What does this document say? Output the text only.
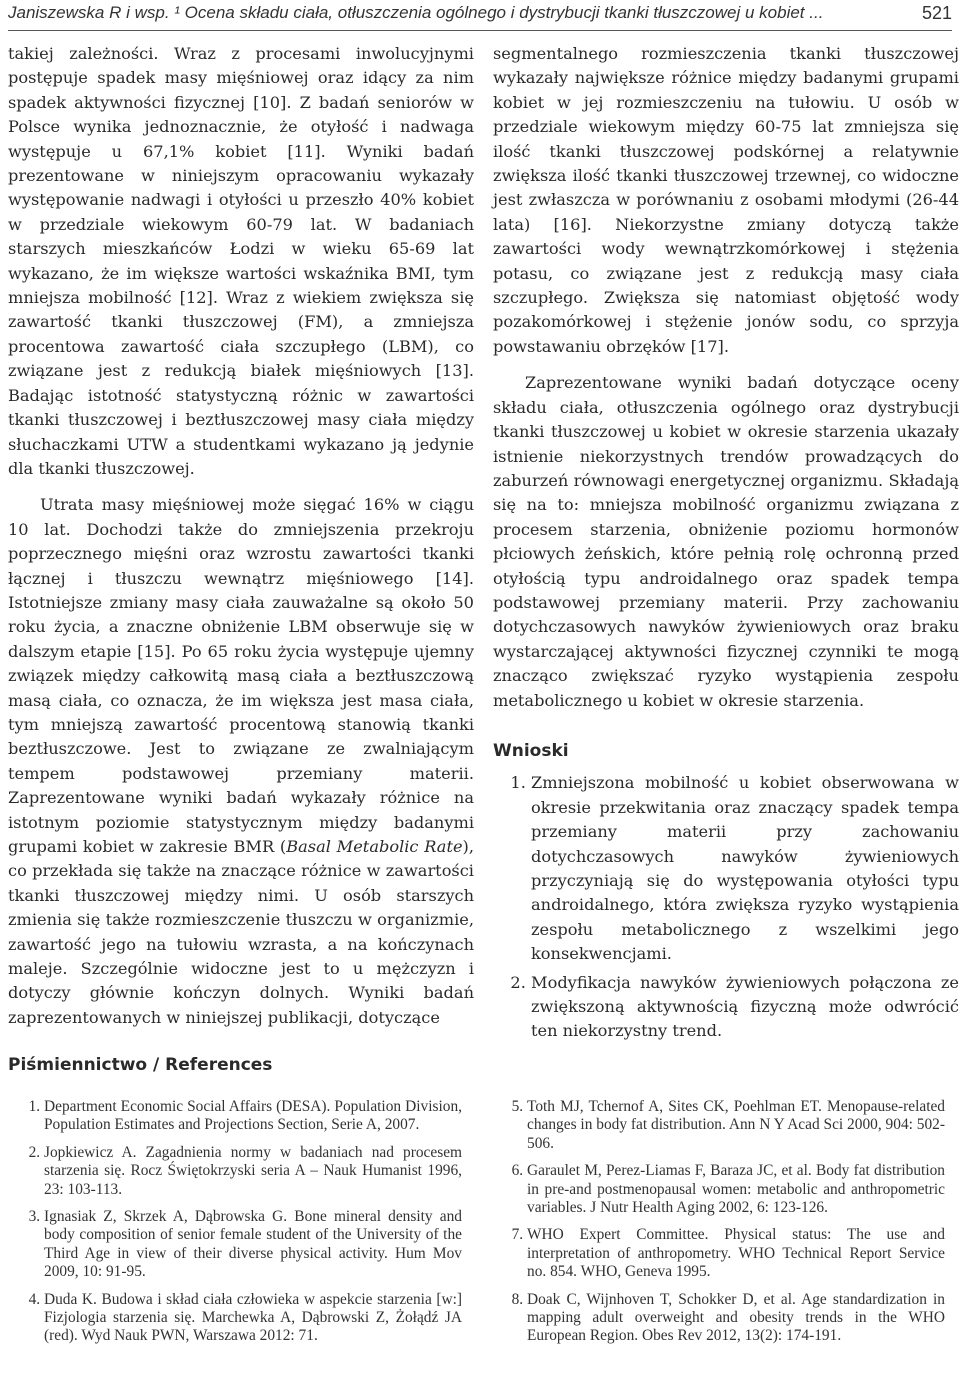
Janiszewska R i wsp. ¹ Ocena składu ciała, otłuszczenia ogólnego i dystrybucji tkanki tłuszczowej u kobiet ...	521

takiej zależności. Wraz z procesami inwolucyjnymi postępuje spadek masy mięśniowej oraz idący za nim spadek aktywności fizycznej [10]. Z badań seniorów w Polsce wynika jednoznacznie, że otyłość i nadwaga występuje u 67,1% kobiet [11]. Wyniki badań prezentowane w niniejszym opracowaniu wykazały występowanie nadwagi i otyłości u przeszło 40% kobiet w przedziale wiekowym 60-79 lat. W badaniach starszych mieszkańców Łodzi w wieku 65-69 lat wykazano, że im większe wartości wskaźnika BMI, tym mniejsza mobilność [12]. Wraz z wiekiem zwiększa się zawartość tkanki tłuszczowej (FM), a zmniejsza procentowa zawartość ciała szczupłego (LBM), co związane jest z redukcją białek mięśniowych [13]. Badając istotność statystyczną różnic w zawartości tkanki tłuszczowej i beztłuszczowej masy ciała między słuchaczkami UTW a studentkami wykazano ją jedynie dla tkanki tłuszczowej.

Utrata masy mięśniowej może sięgać 16% w ciągu 10 lat. Dochodzi także do zmniejszenia przekroju poprzecznego mięśni oraz wzrostu zawartości tkanki łącznej i tłuszczu wewnątrz mięśniowego [14]. Istotniejsze zmiany masy ciała zauważalne są około 50 roku życia, a znaczne obniżenie LBM obserwuje się w dalszym etapie [15]. Po 65 roku życia występuje ujemny związek między całkowitą masą ciała a beztłuszczową masą ciała, co oznacza, że im większa jest masa ciała, tym mniejszą zawartość procentową stanowią tkanki beztłuszczowe. Jest to związane ze zwalniającym tempem podstawowej przemiany materii. Zaprezentowane wyniki badań wykazały różnice na istotnym poziomie statystycznym między badanymi grupami kobiet w zakresie BMR (Basal Metabolic Rate), co przekłada się także na znaczące różnice w zawartości tkanki tłuszczowej między nimi. U osób starszych zmienia się także rozmieszczenie tłuszczu w organizmie, zawartość jego na tułowiu wzrasta, a na kończynach maleje. Szczególnie widoczne jest to u mężczyzn i dotyczy głównie kończyn dolnych. Wyniki badań zaprezentowanych w niniejszej publikacji, dotyczące

segmentalnego rozmieszczenia tkanki tłuszczowej wykazały największe różnice między badanymi grupami kobiet w jej rozmieszczeniu na tułowiu. U osób w przedziale wiekowym między 60-75 lat zmniejsza się ilość tkanki tłuszczowej podskórnej a relatywnie zwiększa ilość tkanki tłuszczowej trzewnej, co widoczne jest zwłaszcza w porównaniu z osobami młodymi (26-44 lata) [16]. Niekorzystne zmiany dotyczą także zawartości wody wewnątrzkomórkowej i stężenia potasu, co związane jest z redukcją masy ciała szczupłego. Zwiększa się natomiast objętość wody pozakomórkowej i stężenie jonów sodu, co sprzyja powstawaniu obrzęków [17].

Zaprezentowane wyniki badań dotyczące oceny składu ciała, otłuszczenia ogólnego oraz dystrybucji tkanki tłuszczowej u kobiet w okresie starzenia ukazały istnienie niekorzystnych trendów prowadzących do zaburzeń równowagi energetycznej organizmu. Składają się na to: mniejsza mobilność organizmu związana z procesem starzenia, obniżenie poziomu hormonów płciowych żeńskich, które pełnią rolę ochronną przed otyłością typu androidalnego oraz spadek tempa podstawowej przemiany materii. Przy zachowaniu dotychczasowych nawyków żywieniowych oraz braku wystarczającej aktywności fizycznej czynniki te mogą znacząco zwiększać ryzyko wystąpienia zespołu metabolicznego u kobiet w okresie starzenia.

Wnioski
1. Zmniejszona mobilność u kobiet obserwowana w okresie przekwitania oraz znaczący spadek tempa przemiany materii przy zachowaniu dotychczasowych nawyków żywieniowych przyczyniają się do występowania otyłości typu androidalnego, która zwiększa ryzyko wystąpienia zespołu metabolicznego z wszelkimi jego konsekwencjami.
2. Modyfikacja nawyków żywieniowych połączona ze zwiększoną aktywnością fizyczną może odwrócić ten niekorzystny trend.
Piśmiennictwo / References
1. Department Economic Social Affairs (DESA). Population Division, Population Estimates and Projections Section, Serie A, 2007.
2. Jopkiewicz A. Zagadnienia normy w badaniach nad procesem starzenia się. Rocz Świętokrzyski seria A – Nauk Humanist 1996, 23: 103-113.
3. Ignasiak Z, Skrzek A, Dąbrowska G. Bone mineral density and body composition of senior female student of the University of the Third Age in view of their diverse physical activity. Hum Mov 2009, 10: 91-95.
4. Duda K. Budowa i skład ciała człowieka w aspekcie starzenia [w:] Fizjologia starzenia się. Marchewka A, Dąbrowski Z, Żołądź JA (red). Wyd Nauk PWN, Warszawa 2012: 71.
5. Toth MJ, Tchernof A, Sites CK, Poehlman ET. Menopause-related changes in body fat distribution. Ann N Y Acad Sci 2000, 904: 502-506.
6. Garaulet M, Perez-Liamas F, Baraza JC, et al. Body fat distribution in pre-and postmenopausal women: metabolic and anthropometric variables. J Nutr Health Aging 2002, 6: 123-126.
7. WHO Expert Committee. Physical status: The use and interpretation of anthropometry. WHO Technical Report Service no. 854. WHO, Geneva 1995.
8. Doak C, Wijnhoven T, Schokker D, et al. Age standardization in mapping adult overweight and obesity trends in the WHO European Region. Obes Rev 2012, 13(2): 174-191.
